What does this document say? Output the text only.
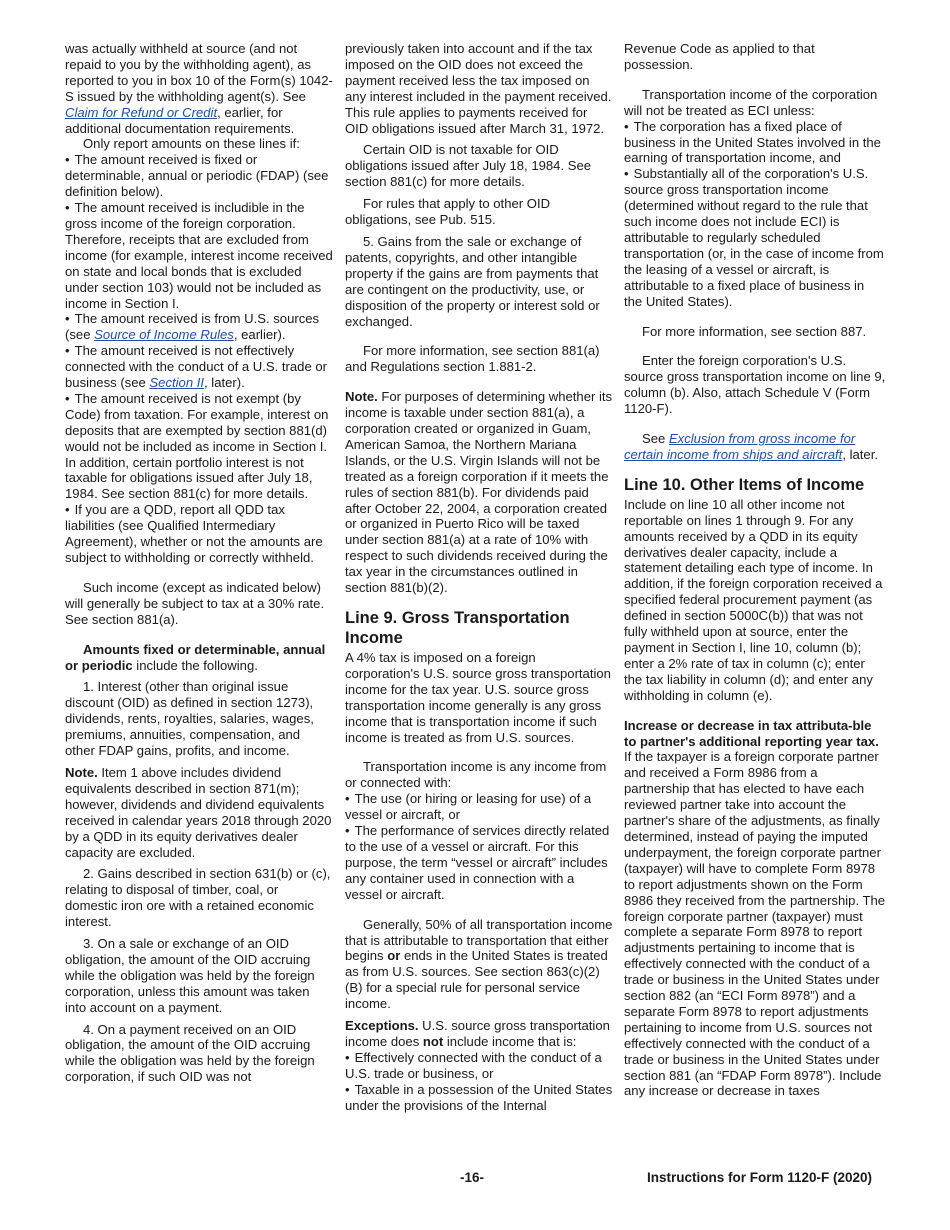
was actually withheld at source (and not repaid to you by the withholding agent), as reported to you in box 10 of the Form(s) 1042-S issued by the withholding agent(s). See Claim for Refund or Credit, earlier, for additional documentation requirements.

Only report amounts on these lines if:

• The amount received is fixed or determinable, annual or periodic (FDAP) (see definition below).

• The amount received is includible in the gross income of the foreign corporation. Therefore, receipts that are excluded from income (for example, interest income received on state and local bonds that is excluded under section 103) would not be included as income in Section I.

• The amount received is from U.S. sources (see Source of Income Rules, earlier).

• The amount received is not effectively connected with the conduct of a U.S. trade or business (see Section II, later).

• The amount received is not exempt (by Code) from taxation. For example, interest on deposits that are exempted by section 881(d) would not be included as income in Section I. In addition, certain portfolio interest is not taxable for obligations issued after July 18, 1984. See section 881(c) for more details.

• If you are a QDD, report all QDD tax liabilities (see Qualified Intermediary Agreement), whether or not the amounts are subject to withholding or correctly withheld.

Such income (except as indicated below) will generally be subject to tax at a 30% rate. See section 881(a).

Amounts fixed or determinable, annual or periodic include the following.

1. Interest (other than original issue discount (OID) as defined in section 1273), dividends, rents, royalties, salaries, wages, premiums, annuities, compensation, and other FDAP gains, profits, and income.

Note. Item 1 above includes dividend equivalents described in section 871(m); however, dividends and dividend equivalents received in calendar years 2018 through 2020 by a QDD in its equity derivatives dealer capacity are excluded.

2. Gains described in section 631(b) or (c), relating to disposal of timber, coal, or domestic iron ore with a retained economic interest.

3. On a sale or exchange of an OID obligation, the amount of the OID accruing while the obligation was held by the foreign corporation, unless this amount was taken into account on a payment.

4. On a payment received on an OID obligation, the amount of the OID accruing while the obligation was held by the foreign corporation, if such OID was not

previously taken into account and if the tax imposed on the OID does not exceed the payment received less the tax imposed on any interest included in the payment received. This rule applies to payments received for OID obligations issued after March 31, 1972.

Certain OID is not taxable for OID obligations issued after July 18, 1984. See section 881(c) for more details.

For rules that apply to other OID obligations, see Pub. 515.

5. Gains from the sale or exchange of patents, copyrights, and other intangible property if the gains are from payments that are contingent on the productivity, use, or disposition of the property or interest sold or exchanged.

For more information, see section 881(a) and Regulations section 1.881-2.

Note. For purposes of determining whether its income is taxable under section 881(a), a corporation created or organized in Guam, American Samoa, the Northern Mariana Islands, or the U.S. Virgin Islands will not be treated as a foreign corporation if it meets the rules of section 881(b). For dividends paid after October 22, 2004, a corporation created or organized in Puerto Rico will be taxed under section 881(a) at a rate of 10% with respect to such dividends received during the tax year in the circumstances outlined in section 881(b)(2).

Line 9. Gross Transportation Income

A 4% tax is imposed on a foreign corporation's U.S. source gross transportation income for the tax year. U.S. source gross transportation income generally is any gross income that is transportation income if such income is treated as from U.S. sources.

Transportation income is any income from or connected with:

• The use (or hiring or leasing for use) of a vessel or aircraft, or

• The performance of services directly related to the use of a vessel or aircraft. For this purpose, the term “vessel or aircraft” includes any container used in connection with a vessel or aircraft.

Generally, 50% of all transportation income that is attributable to transportation that either begins or ends in the United States is treated as from U.S. sources. See section 863(c)(2)(B) for a special rule for personal service income.

Exceptions. U.S. source gross transportation income does not include income that is:

• Effectively connected with the conduct of a U.S. trade or business, or

• Taxable in a possession of the United States under the provisions of the Internal

Revenue Code as applied to that possession.

Transportation income of the corporation will not be treated as ECI unless:

• The corporation has a fixed place of business in the United States involved in the earning of transportation income, and

• Substantially all of the corporation's U.S. source gross transportation income (determined without regard to the rule that such income does not include ECI) is attributable to regularly scheduled transportation (or, in the case of income from the leasing of a vessel or aircraft, is attributable to a fixed place of business in the United States).

For more information, see section 887.

Enter the foreign corporation's U.S. source gross transportation income on line 9, column (b). Also, attach Schedule V (Form 1120-F).

See Exclusion from gross income for certain income from ships and aircraft, later.

Line 10. Other Items of Income

Include on line 10 all other income not reportable on lines 1 through 9. For any amounts received by a QDD in its equity derivatives dealer capacity, include a statement detailing each type of income. In addition, if the foreign corporation received a specified federal procurement payment (as defined in section 5000C(b)) that was not fully withheld upon at source, enter the payment in Section I, line 10, column (b); enter a 2% rate of tax in column (c); enter the tax liability in column (d); and enter any withholding in column (e).

Increase or decrease in tax attributa-ble to partner's additional reporting year tax. If the taxpayer is a foreign corporate partner and received a Form 8986 from a partnership that has elected to have each reviewed partner take into account the partner's share of the adjustments, as finally determined, instead of paying the imputed underpayment, the foreign corporate partner (taxpayer) will have to complete Form 8978 to report adjustments shown on the Form 8986 they received from the partnership. The foreign corporate partner (taxpayer) must complete a separate Form 8978 to report adjustments pertaining to income that is effectively connected with the conduct of a trade or business in the United States under section 882 (an “ECI Form 8978”) and a separate Form 8978 to report adjustments pertaining to income from U.S. sources not effectively connected with the conduct of a trade or business in the United States under section 881 (an “FDAP Form 8978”). Include any increase or decrease in taxes

-16-	Instructions for Form 1120-F (2020)
